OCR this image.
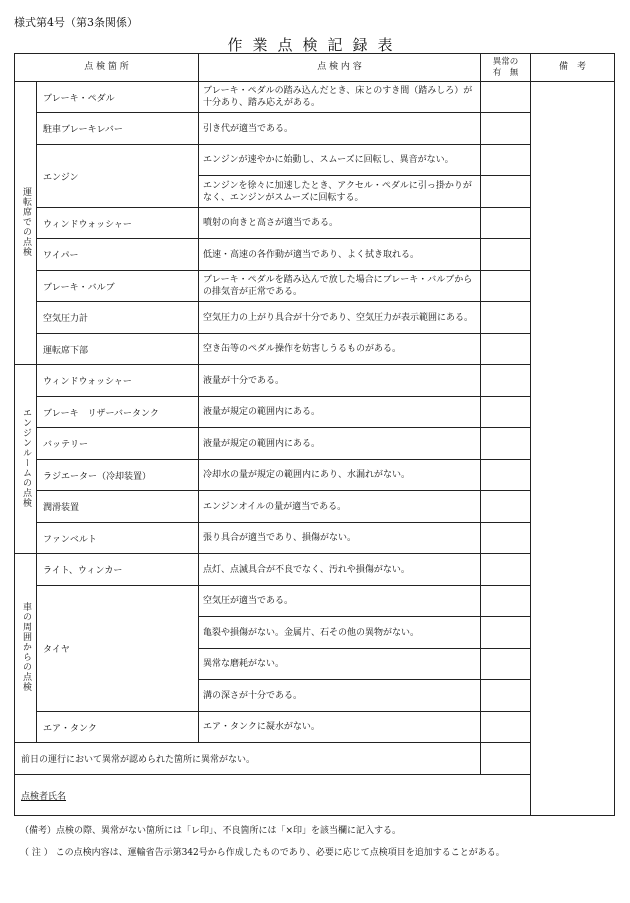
様式第4号（第3条関係）
作業点検記録表
点 検 箇 所		点 検 内 容	異常の
有　無	備　考
運転席での点検	ブレーキ・ペダル	ブレーキ・ペダルの踏み込んだとき、床とのすき間（踏みしろ）が十分あり、踏み応えがある。		
	駐車ブレーキレバー	引き代が適当である。		
	エンジン	エンジンが速やかに始動し、スムーズに回転し、異音がない。		
		エンジンを徐々に加速したとき、アクセル・ペダルに引っ掛かりがなく、エンジンがスムーズに回転する。		
	ウィンドウォッシャー	噴射の向きと高さが適当である。		
	ワイパー	低速・高速の各作動が適当であり、よく拭き取れる。		
	ブレーキ・バルブ	ブレーキ・ペダルを踏み込んで放した場合にブレーキ・バルブからの排気音が正常である。		
	空気圧力計	空気圧力の上がり具合が十分であり、空気圧力が表示範囲にある。		
	運転席下部	空き缶等のペダル操作を妨害しうるものがある。		
エンジンルームの点検	ウィンドウォッシャー	液量が十分である。		
	ブレーキ　リザーバータンク	液量が規定の範囲内にある。		
	バッテリー	液量が規定の範囲内にある。		
	ラジエーター（冷却装置）	冷却水の量が規定の範囲内にあり、水漏れがない。		
	潤滑装置	エンジンオイルの量が適当である。		
	ファンベルト	張り具合が適当であり、損傷がない。		
車の周囲からの点検	ライト、ウィンカー	点灯、点滅具合が不良でなく、汚れや損傷がない。		
	タイヤ	空気圧が適当である。		
		亀裂や損傷がない。金属片、石その他の異物がない。		
		異常な磨耗がない。		
		溝の深さが十分である。		
	エア・タンク	エア・タンクに凝水がない。		
前日の運行において異常が認められた箇所に異常がない。				
点検者氏名				
（備考）点検の際、異常がない箇所には「レ印」、不良箇所には「×印」を該当欄に記入する。
（ 注 ） この点検内容は、運輸省告示第342号から作成したものであり、必要に応じて点検項目を追加することがある。
